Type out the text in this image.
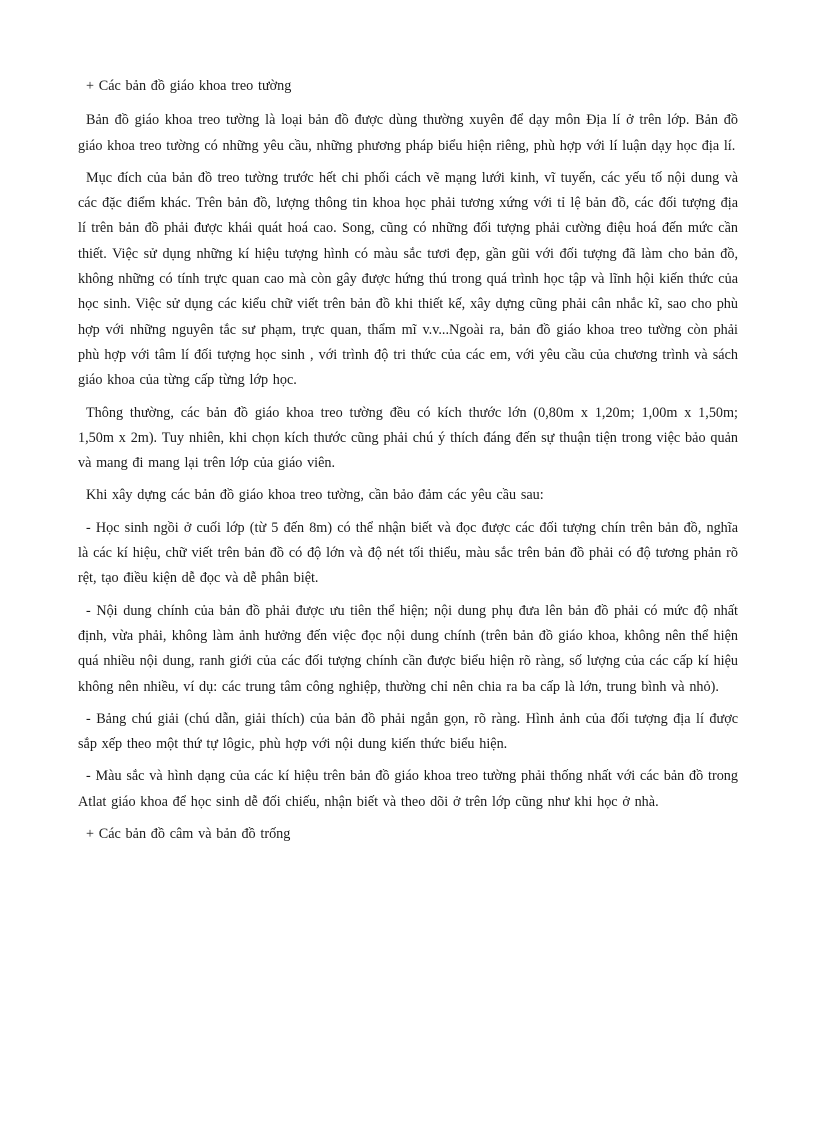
+ Các bản đồ giáo khoa treo tường

Bản đồ giáo khoa treo tường là loại bản đồ được dùng thường xuyên để dạy môn Địa lí ở trên lớp. Bản đồ giáo khoa treo tường có những yêu cầu, những phương pháp biểu hiện riêng, phù hợp với lí luận dạy học địa lí.

Mục đích của bản đồ treo tường trước hết chi phối cách vẽ mạng lưới kinh, vĩ tuyến, các yếu tố nội dung và các đặc điểm khác. Trên bản đồ, lượng thông tin khoa học phải tương xứng với tỉ lệ bản đồ, các đối tượng địa lí trên bản đồ phải được khái quát hoá cao. Song, cũng có những đối tượng phải cường điệu hoá đến mức cần thiết. Việc sử dụng những kí hiệu tượng hình có màu sắc tươi đẹp, gần gũi với đối tượng đã làm cho bản đồ, không những có tính trực quan cao mà còn gây được hứng thú trong quá trình học tập và lĩnh hội kiến thức của học sinh. Việc sử dụng các kiểu chữ viết trên bản đồ khi thiết kế, xây dựng cũng phải cân nhắc kĩ, sao cho phù hợp với những nguyên tắc sư phạm, trực quan, thẩm mĩ v.v...Ngoài ra, bản đồ giáo khoa treo tường còn phải phù hợp với tâm lí đối tượng học sinh , với trình độ tri thức của các em, với yêu cầu của chương trình và sách giáo khoa của từng cấp từng lớp học.

Thông thường, các bản đồ giáo khoa treo tường đều có kích thước lớn (0,80m x 1,20m; 1,00m x 1,50m; 1,50m x 2m). Tuy nhiên, khi chọn kích thước cũng phải chú ý thích đáng đến sự thuận tiện trong việc bảo quản và mang đi mang lại trên lớp của giáo viên.

Khi xây dựng các bản đồ giáo khoa treo tường, cần bảo đảm các yêu cầu sau:

- Học sinh ngồi ở cuối lớp (từ 5 đến 8m) có thể nhận biết và đọc được các đối tượng chín trên bản đồ, nghĩa là các kí hiệu, chữ viết trên bản đồ có độ lớn và độ nét tối thiểu, màu sắc trên bản đồ phải có độ tương phản rõ rệt, tạo điều kiện dễ đọc và dễ phân biệt.

- Nội dung chính của bản đồ phải được ưu tiên thể hiện; nội dung phụ đưa lên bản đồ phải có mức độ nhất định, vừa phải, không làm ảnh hưởng đến việc đọc nội dung chính (trên bản đồ giáo khoa, không nên thể hiện quá nhiều nội dung, ranh giới của các đối tượng chính cần được biểu hiện rõ ràng, số lượng của các cấp kí hiệu không nên nhiều, ví dụ: các trung tâm công nghiệp, thường chỉ nên chia ra ba cấp là lớn, trung bình và nhỏ).

- Bảng chú giải (chú dẫn, giải thích) của bản đồ phải ngắn gọn, rõ ràng. Hình ảnh của đối tượng địa lí được sắp xếp theo một thứ tự lôgic, phù hợp với nội dung kiến thức biểu hiện.

- Màu sắc và hình dạng của các kí hiệu trên bản đồ giáo khoa treo tường phải thống nhất với các bản đồ trong Atlat giáo khoa để học sinh dễ đối chiếu, nhận biết và theo dõi ở trên lớp cũng như khi học ở nhà.

+ Các bản đồ câm và bản đồ trống
